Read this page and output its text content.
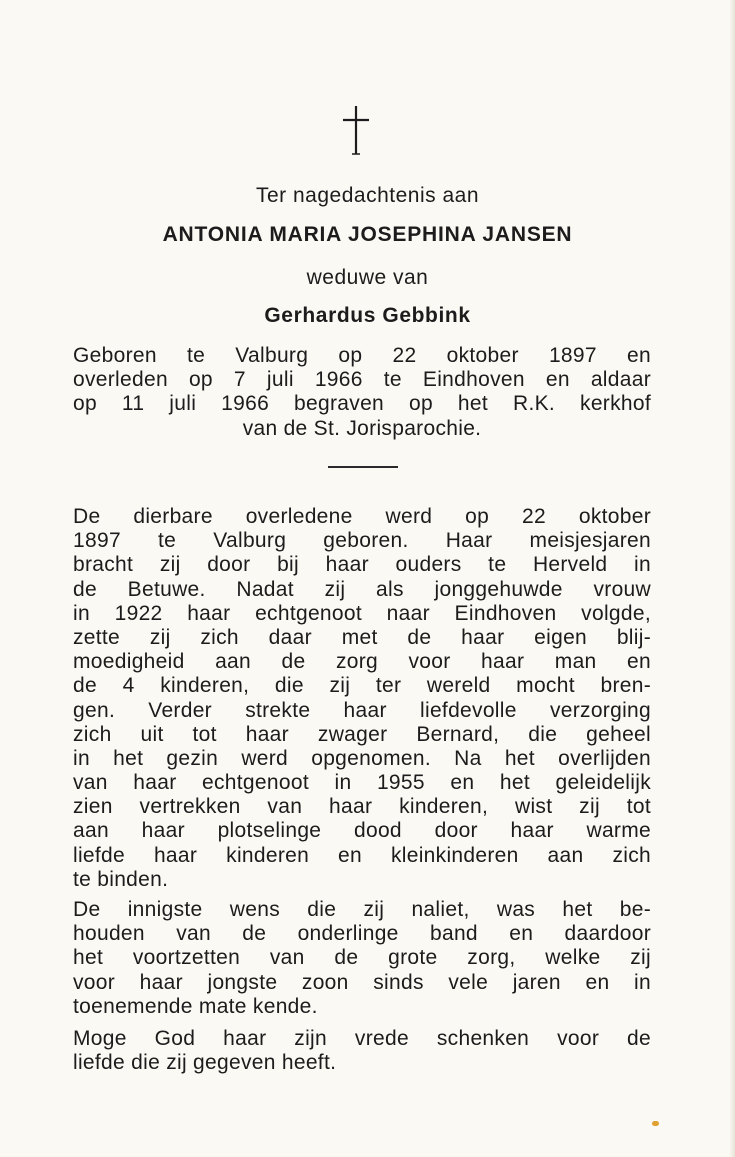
Ter nagedachtenis aan
ANTONIA MARIA JOSEPHINA JANSEN
weduwe van
Gerhardus Gebbink
Geboren te Valburg op 22 oktober 1897 en
overleden op 7 juli 1966 te Eindhoven en aldaar
op 11 juli 1966 begraven op het R.K. kerkhof
van de St. Jorisparochie.
De dierbare overledene werd op 22 oktober
1897 te Valburg geboren. Haar meisjesjaren
bracht zij door bij haar ouders te Herveld in
de Betuwe. Nadat zij als jonggehuwde vrouw
in 1922 haar echtgenoot naar Eindhoven volgde,
zette zij zich daar met de haar eigen blij-
moedigheid aan de zorg voor haar man en
de 4 kinderen, die zij ter wereld mocht bren-
gen. Verder strekte haar liefdevolle verzorging
zich uit tot haar zwager Bernard, die geheel
in het gezin werd opgenomen. Na het overlijden
van haar echtgenoot in 1955 en het geleidelijk
zien vertrekken van haar kinderen, wist zij tot
aan haar plotselinge dood door haar warme
liefde haar kinderen en kleinkinderen aan zich
te binden.
De innigste wens die zij naliet, was het be-
houden van de onderlinge band en daardoor
het voortzetten van de grote zorg, welke zij
voor haar jongste zoon sinds vele jaren en in
toenemende mate kende.
Moge God haar zijn vrede schenken voor de
liefde die zij gegeven heeft.
